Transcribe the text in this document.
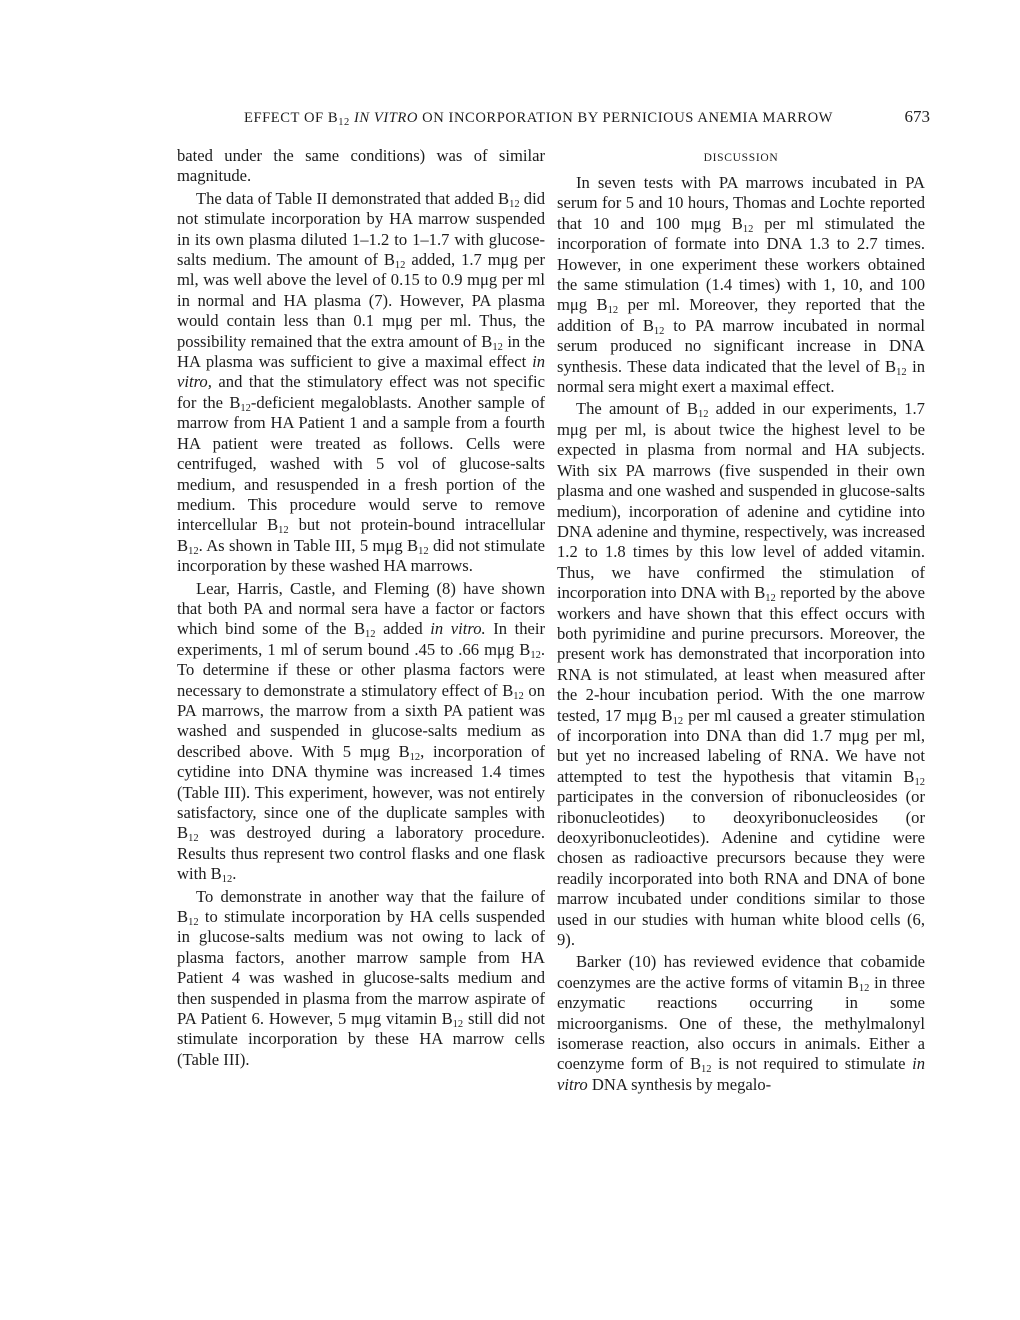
EFFECT OF $B_{12}$ IN VITRO ON INCORPORATION BY PERNICIOUS ANEMIA MARROW	673

bated under the same conditions) was of similar magnitude.

The data of Table II demonstrated that added $B_{12}$ did not stimulate incorporation by HA marrow suspended in its own plasma diluted 1–1.2 to 1–1.7 with glucose-salts medium. The amount of $B_{12}$ added, 1.7 mμg per ml, was well above the level of 0.15 to 0.9 mμg per ml in normal and HA plasma (7). However, PA plasma would contain less than 0.1 mμg per ml. Thus, the possibility remained that the extra amount of $B_{12}$ in the HA plasma was sufficient to give a maximal effect in vitro, and that the stimulatory effect was not specific for the $B_{12}$-deficient megaloblasts. Another sample of marrow from HA Patient 1 and a sample from a fourth HA patient were treated as follows. Cells were centrifuged, washed with 5 vol of glucose-salts medium, and resuspended in a fresh portion of the medium. This procedure would serve to remove intercellular $B_{12}$ but not protein-bound intracellular $B_{12}$. As shown in Table III, 5 mμg $B_{12}$ did not stimulate incorporation by these washed HA marrows.

Lear, Harris, Castle, and Fleming (8) have shown that both PA and normal sera have a factor or factors which bind some of the $B_{12}$ added in vitro. In their experiments, 1 ml of serum bound .45 to .66 mμg $B_{12}$. To determine if these or other plasma factors were necessary to demonstrate a stimulatory effect of $B_{12}$ on PA marrows, the marrow from a sixth PA patient was washed and suspended in glucose-salts medium as described above. With 5 mμg $B_{12}$, incorporation of cytidine into DNA thymine was increased 1.4 times (Table III). This experiment, however, was not entirely satisfactory, since one of the duplicate samples with $B_{12}$ was destroyed during a laboratory procedure. Results thus represent two control flasks and one flask with $B_{12}$.

To demonstrate in another way that the failure of $B_{12}$ to stimulate incorporation by HA cells suspended in glucose-salts medium was not owing to lack of plasma factors, another marrow sample from HA Patient 4 was washed in glucose-salts medium and then suspended in plasma from the marrow aspirate of PA Patient 6. However, 5 mμg vitamin $B_{12}$ still did not stimulate incorporation by these HA marrow cells (Table III).

DISCUSSION

In seven tests with PA marrows incubated in PA serum for 5 and 10 hours, Thomas and Lochte reported that 10 and 100 mμg $B_{12}$ per ml stimulated the incorporation of formate into DNA 1.3 to 2.7 times. However, in one experiment these workers obtained the same stimulation (1.4 times) with 1, 10, and 100 mμg $B_{12}$ per ml. Moreover, they reported that the addition of $B_{12}$ to PA marrow incubated in normal serum produced no significant increase in DNA synthesis. These data indicated that the level of $B_{12}$ in normal sera might exert a maximal effect.

The amount of $B_{12}$ added in our experiments, 1.7 mμg per ml, is about twice the highest level to be expected in plasma from normal and HA subjects. With six PA marrows (five suspended in their own plasma and one washed and suspended in glucose-salts medium), incorporation of adenine and cytidine into DNA adenine and thymine, respectively, was increased 1.2 to 1.8 times by this low level of added vitamin. Thus, we have confirmed the stimulation of incorporation into DNA with $B_{12}$ reported by the above workers and have shown that this effect occurs with both pyrimidine and purine precursors. Moreover, the present work has demonstrated that incorporation into RNA is not stimulated, at least when measured after the 2-hour incubation period. With the one marrow tested, 17 mμg $B_{12}$ per ml caused a greater stimulation of incorporation into DNA than did 1.7 mμg per ml, but yet no increased labeling of RNA. We have not attempted to test the hypothesis that vitamin $B_{12}$ participates in the conversion of ribonucleosides (or ribonucleotides) to deoxyribonucleosides (or deoxyribonucleotides). Adenine and cytidine were chosen as radioactive precursors because they were readily incorporated into both RNA and DNA of bone marrow incubated under conditions similar to those used in our studies with human white blood cells (6, 9).

Barker (10) has reviewed evidence that cobamide coenzymes are the active forms of vitamin $B_{12}$ in three enzymatic reactions occurring in some microorganisms. One of these, the methylmalonyl isomerase reaction, also occurs in animals. Either a coenzyme form of $B_{12}$ is not required to stimulate in vitro DNA synthesis by megalo-
